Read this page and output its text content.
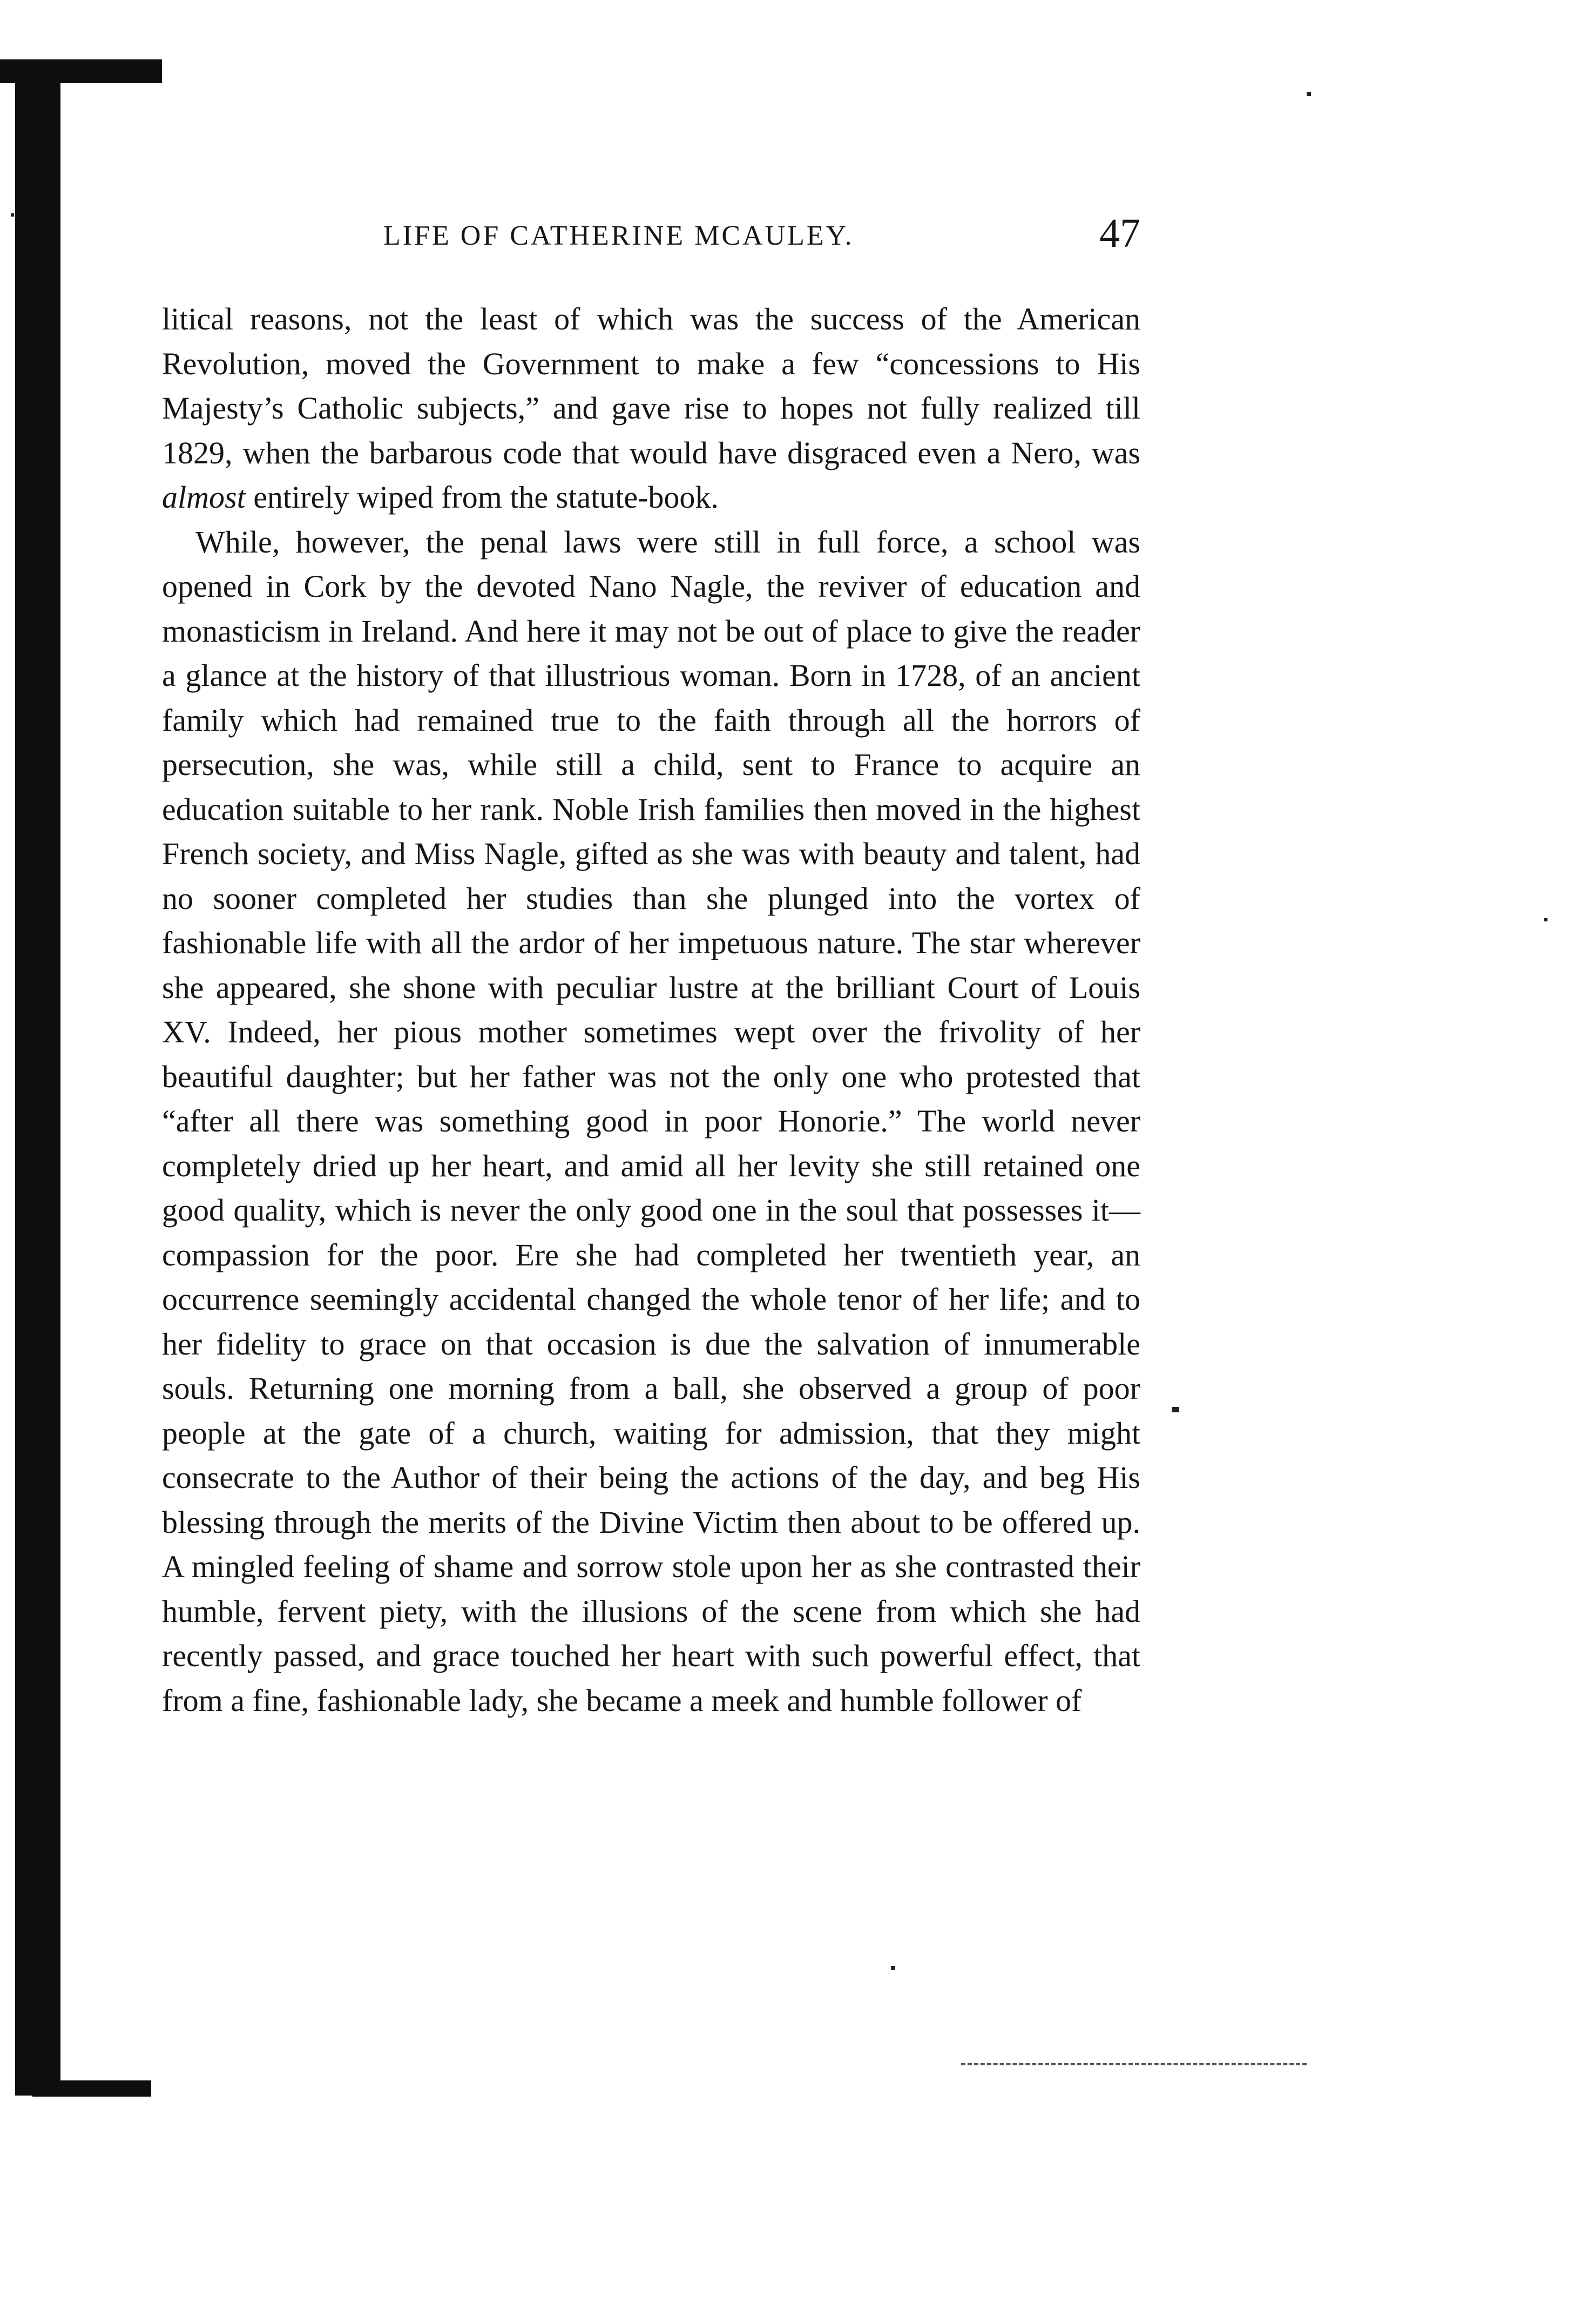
LIFE OF CATHERINE MCAULEY.	47

litical reasons, not the least of which was the success of the American Revolution, moved the Government to make a few “concessions to His Majesty’s Catholic subjects,” and gave rise to hopes not fully realized till 1829, when the barbarous code that would have disgraced even a Nero, was almost entirely wiped from the statute-book.

While, however, the penal laws were still in full force, a school was opened in Cork by the devoted Nano Nagle, the reviver of education and monasticism in Ireland. And here it may not be out of place to give the reader a glance at the history of that illustrious woman. Born in 1728, of an ancient family which had remained true to the faith through all the horrors of persecution, she was, while still a child, sent to France to acquire an education suitable to her rank. Noble Irish families then moved in the highest French society, and Miss Nagle, gifted as she was with beauty and talent, had no sooner completed her studies than she plunged into the vortex of fashionable life with all the ardor of her impetuous nature. The star wherever she appeared, she shone with peculiar lustre at the brilliant Court of Louis XV. Indeed, her pious mother sometimes wept over the frivolity of her beautiful daughter; but her father was not the only one who protested that “after all there was something good in poor Honorie.” The world never completely dried up her heart, and amid all her levity she still retained one good quality, which is never the only good one in the soul that possesses it—compassion for the poor. Ere she had completed her twentieth year, an occurrence seemingly accidental changed the whole tenor of her life; and to her fidelity to grace on that occasion is due the salvation of innumerable souls. Returning one morning from a ball, she observed a group of poor people at the gate of a church, waiting for admission, that they might consecrate to the Author of their being the actions of the day, and beg His blessing through the merits of the Divine Victim then about to be offered up. A mingled feeling of shame and sorrow stole upon her as she contrasted their humble, fervent piety, with the illusions of the scene from which she had recently passed, and grace touched her heart with such powerful effect, that from a fine, fashionable lady, she became a meek and humble follower of
